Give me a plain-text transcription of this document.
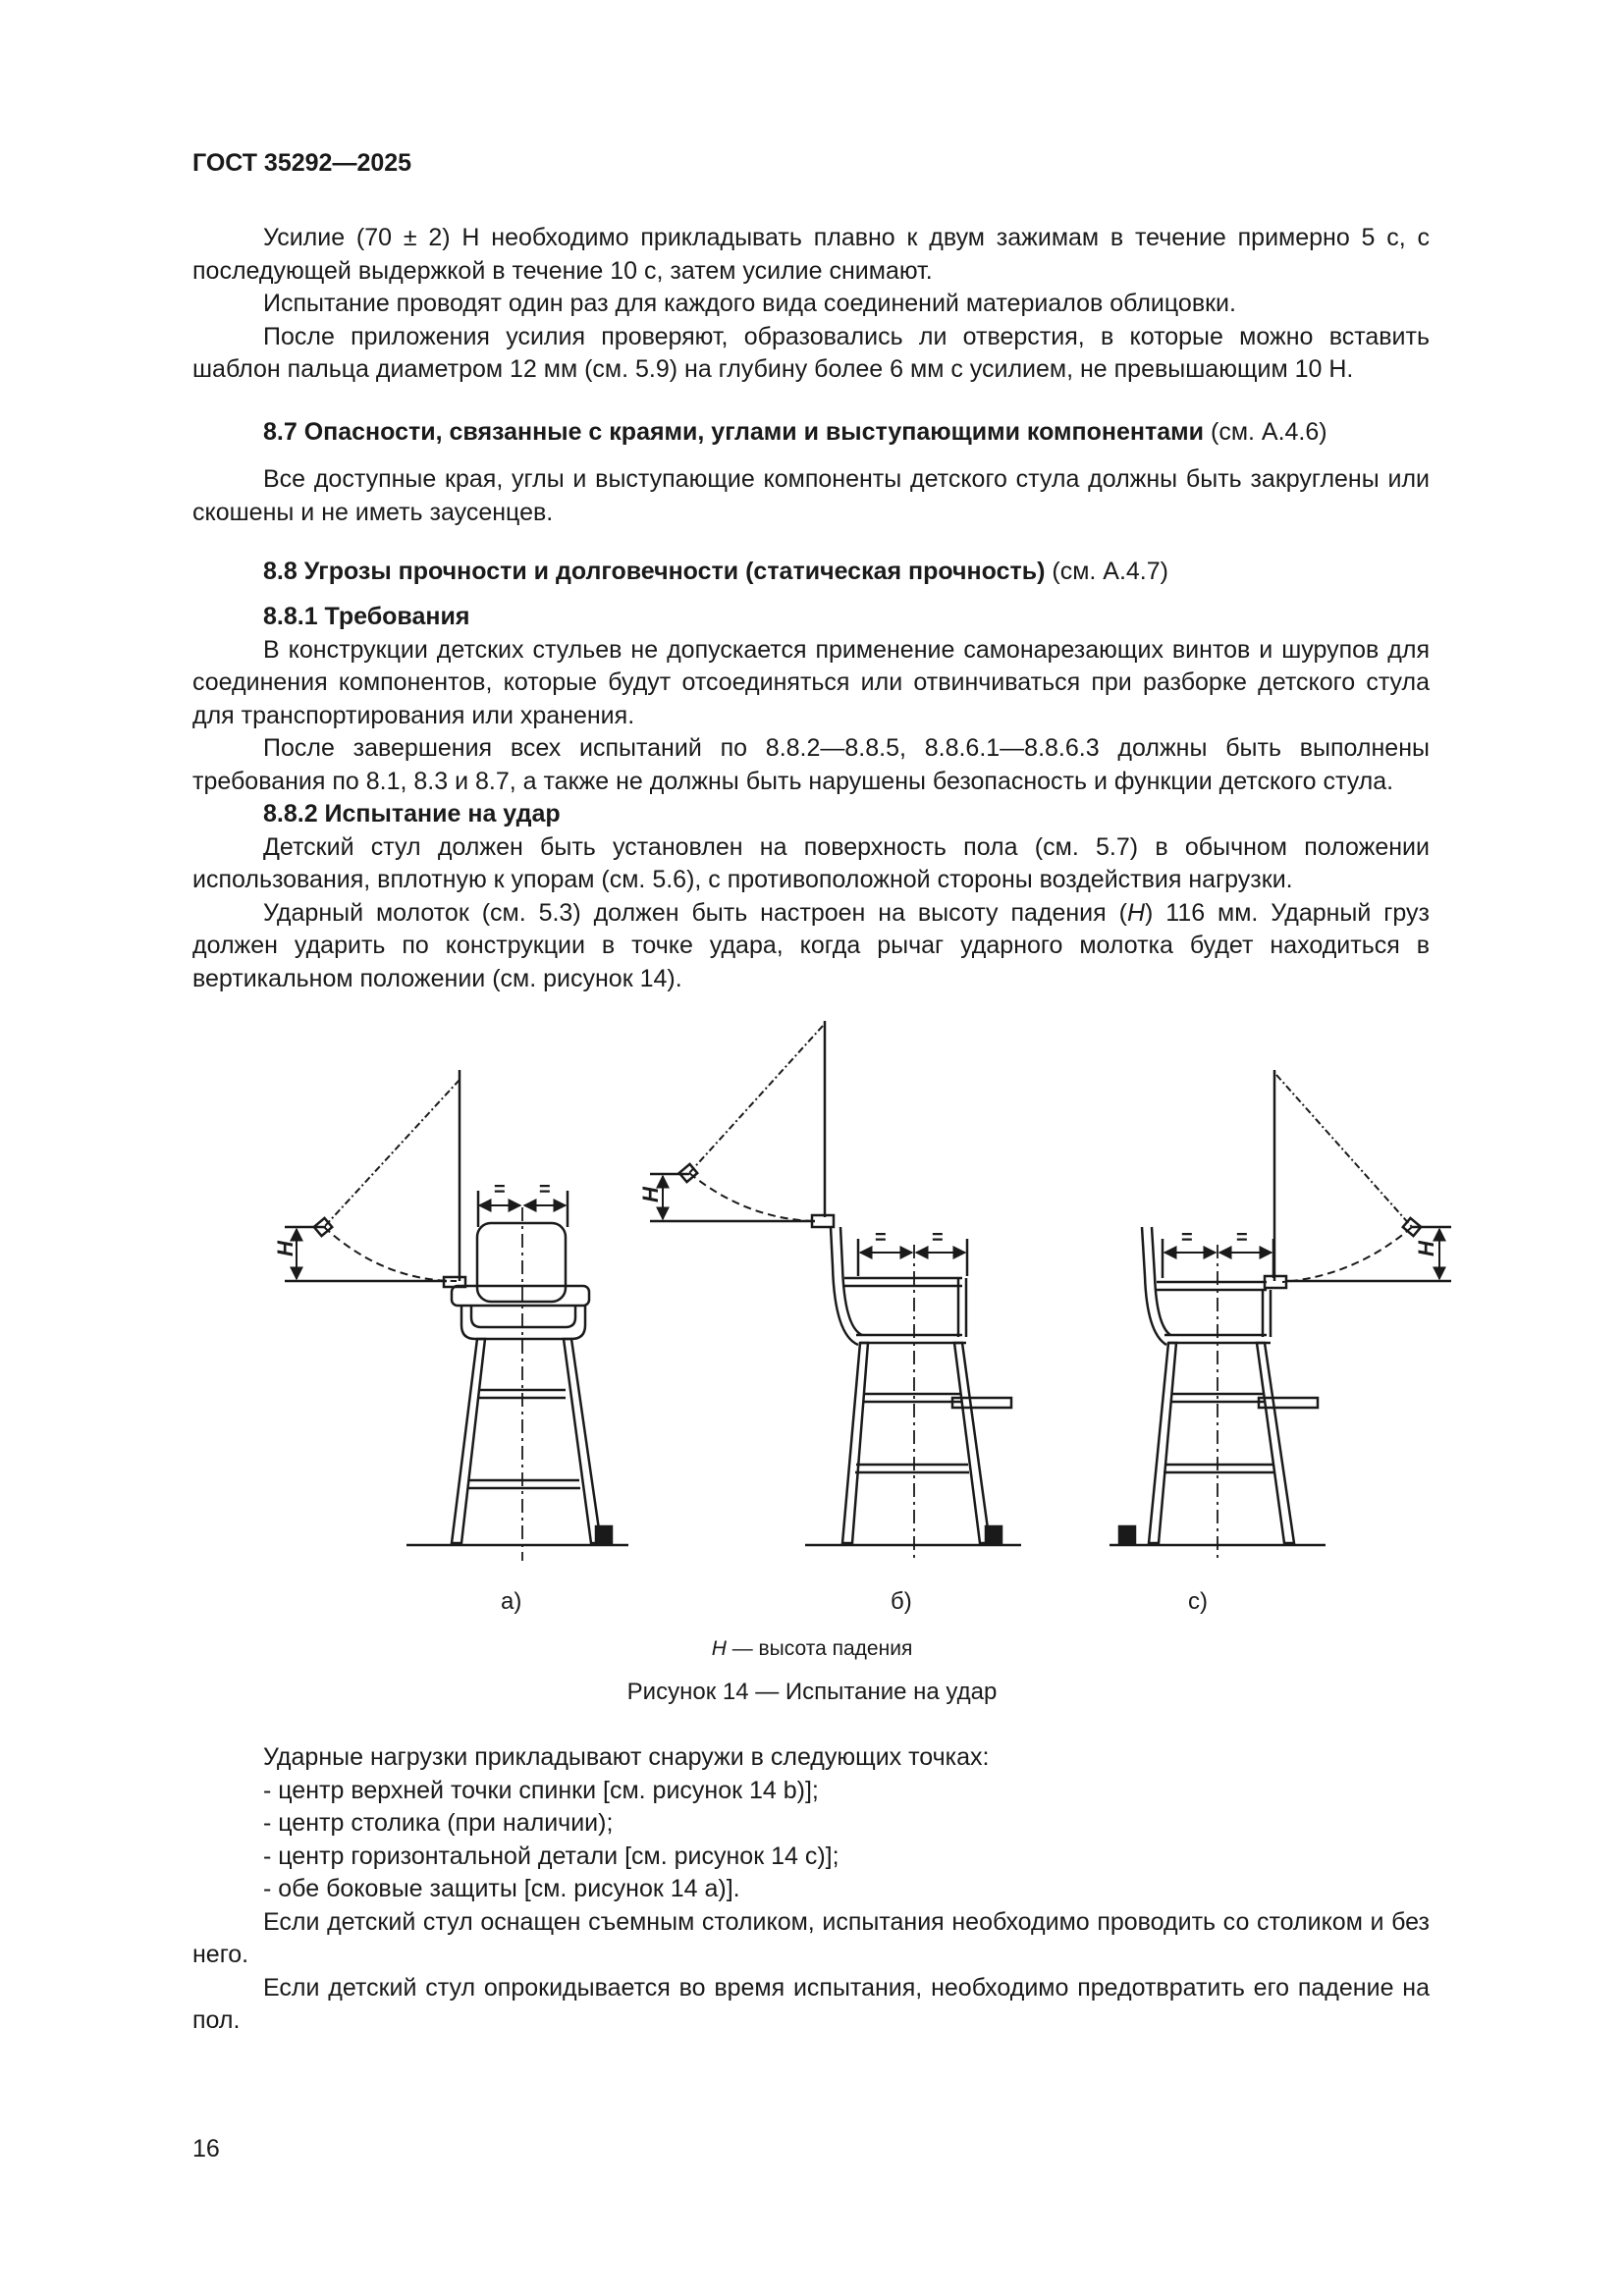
ГОСТ 35292—2025

Усилие (70 ± 2) Н необходимо прикладывать плавно к двум зажимам в течение примерно 5 с, с последующей выдержкой в течение 10 с, затем усилие снимают.

Испытание проводят один раз для каждого вида соединений материалов облицовки.

После приложения усилия проверяют, образовались ли отверстия, в которые можно вставить шаблон пальца диаметром 12 мм (см. 5.9) на глубину более 6 мм с усилием, не превышающим 10 Н.

8.7 Опасности, связанные с краями, углами и выступающими компонентами (см. А.4.6)

Все доступные края, углы и выступающие компоненты детского стула должны быть закруглены или скошены и не иметь заусенцев.

8.8 Угрозы прочности и долговечности (статическая прочность) (см. А.4.7)

8.8.1 Требования

В конструкции детских стульев не допускается применение самонарезающих винтов и шурупов для соединения компонентов, которые будут отсоединяться или отвинчиваться при разборке детского стула для транспортирования или хранения.

После завершения всех испытаний по 8.8.2—8.8.5, 8.8.6.1—8.8.6.3 должны быть выполнены требования по 8.1, 8.3 и 8.7, а также не должны быть нарушены безопасность и функции детского стула.

8.8.2 Испытание на удар

Детский стул должен быть установлен на поверхность пола (см. 5.7) в обычном положении использования, вплотную к упорам (см. 5.6), с противоположной стороны воздействия нагрузки.

Ударный молоток (см. 5.3) должен быть настроен на высоту падения (H) 116 мм. Ударный груз должен ударить по конструкции в точке удара, когда рычаг ударного молотка будет находиться в вертикальном положении (см. рисунок 14).

H
= =	H
= =
H
= =
а)	б)	с)
H — высота падения
Рисунок 14 — Испытание на удар

Ударные нагрузки прикладывают снаружи в следующих точках:

- центр верхней точки спинки [см. рисунок 14 b)];
- центр столика (при наличии);
- центр горизонтальной детали [см. рисунок 14 c)];
- обе боковые защиты [см. рисунок 14 a)].

Если детский стул оснащен съемным столиком, испытания необходимо проводить со столиком и без него.

Если детский стул опрокидывается во время испытания, необходимо предотвратить его падение на пол.

16
